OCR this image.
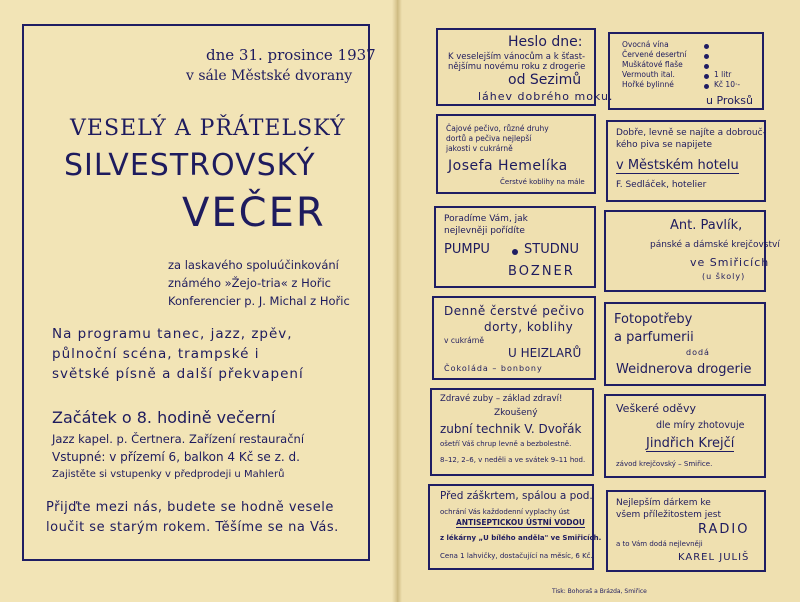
dne 31. prosince 1937
v sále Městské dvorany
VESELÝ A PŘÁTELSKÝ
SILVESTROVSKÝ
VEČER
za laskavého spoluúčinkování
známého »Žejo-tria« z Hořic
Konferencier p. J. Michal z Hořic
Na programu tanec, jazz, zpěv,
půlnoční scéna, trampské i
světské písně a další překvapení
Začátek o 8. hodině večerní
Jazz kapel. p. Čertnera. Zařízení restaurační
Vstupné: v přízemí 6, balkon 4 Kč se z. d.
Zajistěte si vstupenky v předprodeji u Mahlerů
Přijďte mezi nás, budete se hodně vesele
loučit se starým rokem. Těšíme se na Vás.
Heslo dne:
K veselejším vánocům a k šťast-
nějšímu novému roku z drogerie
od Sezimů
láhev dobrého moku.
Ovocná vína
Červené desertní
Muškátové flaše
Vermouth ital.
Hořké bylinné
1 litr
Kč 10·-
u Proksů
Čajové pečivo, různé druhy
dortů a pečiva nejlepší
jakosti v cukrárně
Josefa Hemelíka
Čerstvé koblihy na mále
Dobře, levně se najíte a dobrouč-
kého piva se napijete
v Městském hotelu
F. Sedláček, hotelier
Poradíme Vám, jak
nejlevněji pořídíte
PUMPU	STUDNU
BOZNER
Ant. Pavlík,
pánské a dámské krejčovství
ve Smiřicích
(u školy)
Denně čerstvé pečivo
dorty, koblihy
v cukrárně
U HEIZLARŮ
Čokoláda – bonbony
Fotopotřeby
a parfumerii
dodá
Weidnerova drogerie
Zdravé zuby – základ zdraví!
Zkoušený
zubní technik V. Dvořák
ošetří Váš chrup levně a bezbolestně.
8–12, 2–6, v neděli a ve svátek 9–11 hod.
Veškeré oděvy
dle míry zhotovuje
Jindřich Krejčí
závod krejčovský – Smiřice.
Před záškrtem, spálou a pod.
ochrání Vás každodenní vyplachy úst
ANTISEPTICKOU ÚSTNÍ VODOU
z lékárny „U bílého anděla" ve Smiřicích.
Cena 1 lahvičky, dostačující na měsíc, 6 Kč.
Nejlepším dárkem ke
všem příležitostem jest
RADIO
a to Vám dodá nejlevněji
KAREL JULIŠ
Tisk: Bohoraš a Brázda, Smiřice
